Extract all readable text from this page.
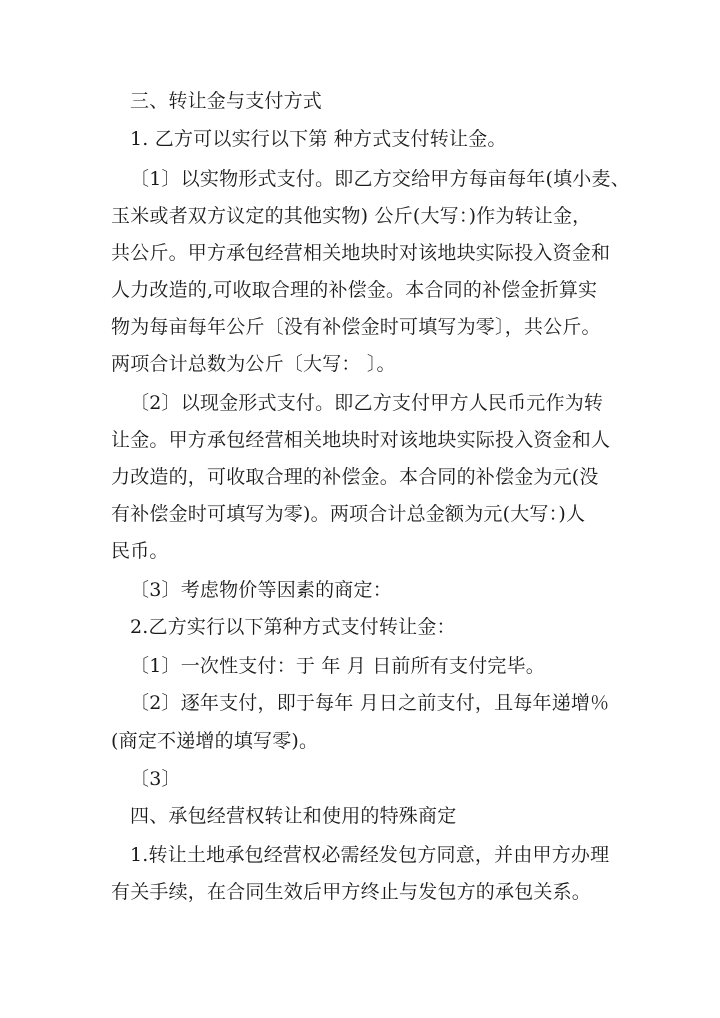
三、转让金与支付方式
1. 乙方可以实行以下第 种方式支付转让金。
〔1〕以实物形式支付。即乙方交给甲方每亩每年(填小麦、
玉米或者双方议定的其他实物) 公斤(大写：)作为转让金，
共公斤。甲方承包经营相关地块时对该地块实际投入资金和
人力改造的,可收取合理的补偿金。本合同的补偿金折算实
物为每亩每年公斤〔没有补偿金时可填写为零〕，共公斤。
两项合计总数为公斤〔大写： 〕。
〔2〕以现金形式支付。即乙方支付甲方人民币元作为转
让金。甲方承包经营相关地块时对该地块实际投入资金和人
力改造的，可收取合理的补偿金。本合同的补偿金为元(没
有补偿金时可填写为零)。两项合计总金额为元(大写：)人
民币。
〔3〕考虑物价等因素的商定：
2.乙方实行以下第种方式支付转让金：
〔1〕一次性支付：于 年 月 日前所有支付完毕。
〔2〕逐年支付，即于每年 月日之前支付，且每年递增％
(商定不递增的填写零)。
〔3〕
四、承包经营权转让和使用的特殊商定
1.转让土地承包经营权必需经发包方同意，并由甲方办理
有关手续，在合同生效后甲方终止与发包方的承包关系。
